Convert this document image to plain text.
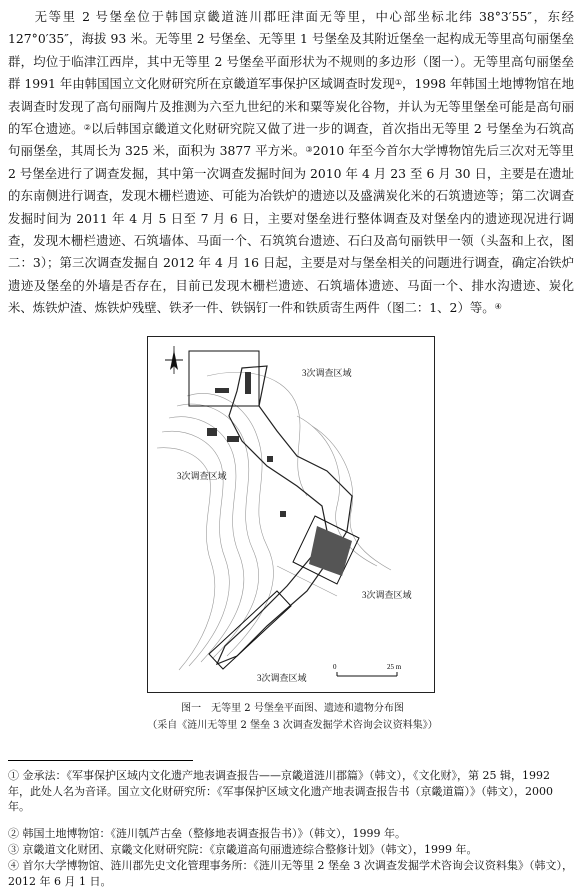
无等里 2 号堡垒位于韩国京畿道涟川郡旺津面无等里，中心部坐标北纬 38°3′55″，东经 127°0′35″，海拔 93 米。无等里 2 号堡垒、无等里 1 号堡垒及其附近堡垒一起构成无等里高句丽堡垒群，均位于临津江西岸，其中无等里 2 号堡垒平面形状为不规则的多边形（图一）。无等里高句丽堡垒群 1991 年由韩国国立文化财研究所在京畿道军事保护区域调查时发现①，1998 年韩国土地博物馆在地表调查时发现了高句丽陶片及推测为六至九世纪的米和粟等炭化谷物，并认为无等里堡垒可能是高句丽的军仓遗迹。②以后韩国京畿道文化财研究院又做了进一步的调查，首次指出无等里 2 号堡垒为石筑高句丽堡垒，其周长为 325 米，面积为 3877 平方米。③2010 年至今首尔大学博物馆先后三次对无等里 2 号堡垒进行了调查发掘，其中第一次调查发掘时间为 2010 年 4 月 23 至 6 月 30 日，主要是在遗址的东南侧进行调查，发现木栅栏遗迹、可能为冶铁炉的遗迹以及盛满炭化米的石筑遗迹等；第二次调查发掘时间为 2011 年 4 月 5 日至 7 月 6 日，主要对堡垒进行整体调查及对堡垒内的遗迹现况进行调查，发现木栅栏遗迹、石筑墙体、马面一个、石筑筑台遗迹、石臼及高句丽铁甲一领（头盔和上衣，图二：3）；第三次调查发掘自 2012 年 4 月 16 日起，主要是对与堡垒相关的问题进行调查，确定冶铁炉遗迹及堡垒的外墙是否存在，目前已发现木栅栏遗迹、石筑墙体遗迹、马面一个、排水沟遗迹、炭化米、炼铁炉渣、炼铁炉残壁、铁矛一件、铁锅钉一件和铁质寄生两件（图二：1、2）等。④

3次调查区域
3次调查区域
3次调查区域
3次调查区域
0	25 m
图一　无等里 2 号堡垒平面图、遗迹和遗物分布图
（采自《涟川无等里 2 堡垒 3 次调查发掘学术咨询会议资料集》）
① 金承法：《军事保护区域内文化遗产地表调查报告——京畿道涟川郡篇》（韩文），《文化财》，第 25 辑，1992 年，此处人名为音译。国立文化财研究所：《军事保护区域文化遗产地表调查报告书（京畿道篇）》（韩文），2000 年。
② 韩国土地博物馆：《涟川瓠芦古垒（整修地表调查报告书）》（韩文），1999 年。
③ 京畿道文化财团、京畿文化财研究院：《京畿道高句丽遗迹综合整修计划》（韩文），1999 年。
④ 首尔大学博物馆、涟川郡先史文化管理事务所：《涟川无等里 2 堡垒 3 次调查发掘学术咨询会议资料集》（韩文），2012 年 6 月 1 日。
